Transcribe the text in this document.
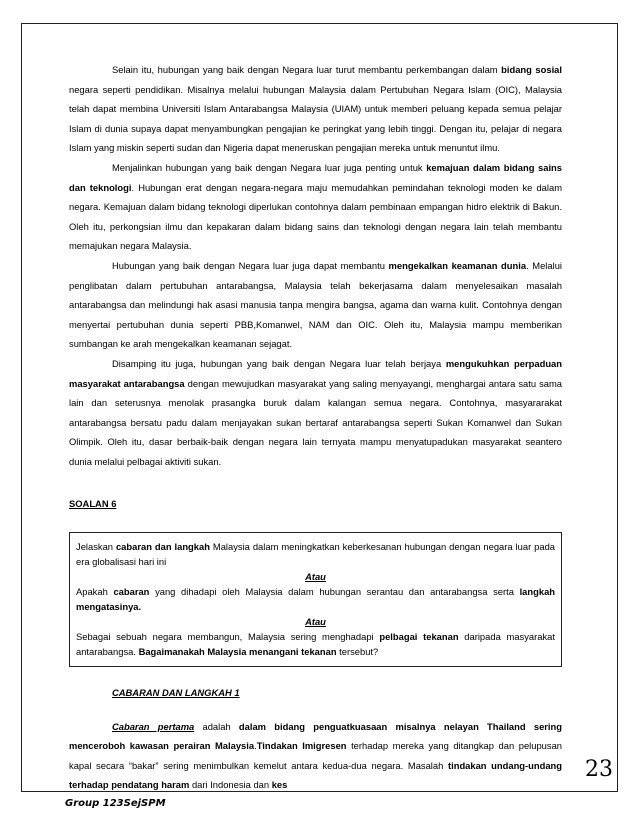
Selain itu, hubungan yang baik dengan Negara luar turut membantu perkembangan dalam bidang sosial negara seperti pendidikan. Misalnya melalui hubungan Malaysia dalam Pertubuhan Negara Islam (OIC), Malaysia telah dapat membina Universiti Islam Antarabangsa Malaysia (UIAM) untuk memberi peluang kepada semua pelajar Islam di dunia supaya dapat menyambungkan pengajian ke peringkat yang lebih tinggi. Dengan itu, pelajar di negara Islam yang miskin seperti sudan dan Nigeria dapat meneruskan pengajian mereka untuk menuntut ilmu.

Menjalinkan hubungan yang baik dengan Negara luar juga penting untuk kemajuan dalam bidang sains dan teknologi. Hubungan erat dengan negara-negara maju memudahkan pemindahan teknologi moden ke dalam negara. Kemajuan dalam bidang teknologi diperlukan contohnya dalam pembinaan empangan hidro elektrik di Bakun. Oleh itu, perkongsian ilmu dan kepakaran dalam bidang sains dan teknologi dengan negara lain telah membantu memajukan negara Malaysia.

Hubungan yang baik dengan Negara luar juga dapat membantu mengekalkan keamanan dunia. Melalui penglibatan dalam pertubuhan antarabangsa, Malaysia telah bekerjasama dalam menyelesaikan masalah antarabangsa dan melindungi hak asasi manusia tanpa mengira bangsa, agama dan warna kulit. Contohnya dengan menyertai pertubuhan dunia seperti PBB,Komanwel, NAM dan OIC. Oleh itu, Malaysia mampu memberikan sumbangan ke arah mengekalkan keamanan sejagat.

Disamping itu juga, hubungan yang baik dengan Negara luar telah berjaya mengukuhkan perpaduan masyarakat antarabangsa dengan mewujudkan masyarakat yang saling menyayangi, menghargai antara satu sama lain dan seterusnya menolak prasangka buruk dalam kalangan semua negara. Contohnya, masyararakat antarabangsa bersatu padu dalam menjayakan sukan bertaraf antarabangsa seperti Sukan Komanwel dan Sukan Olimpik. Oleh itu, dasar berbaik-baik dengan negara lain ternyata mampu menyatupadukan masyarakat seantero dunia melalui pelbagai aktiviti sukan.

SOALAN 6

Jelaskan cabaran dan langkah Malaysia dalam meningkatkan keberkesanan hubungan dengan negara luar pada era globalisasi hari ini

Atau

Apakah cabaran yang dihadapi oleh Malaysia dalam hubungan serantau dan antarabangsa serta langkah mengatasinya.

Atau

Sebagai sebuah negara membangun, Malaysia sering menghadapi pelbagai tekanan daripada masyarakat antarabangsa. Bagaimanakah Malaysia menangani tekanan tersebut?

CABARAN DAN LANGKAH 1

Cabaran pertama adalah dalam bidang penguatkuasaan misalnya nelayan Thailand sering menceroboh kawasan perairan Malaysia.Tindakan Imigresen terhadap mereka yang ditangkap dan pelupusan kapal secara “bakar” sering menimbulkan kemelut antara kedua-dua negara. Masalah tindakan undang-undang terhadap pendatang haram dari Indonesia dan kes

23
Group 123SejSPM
